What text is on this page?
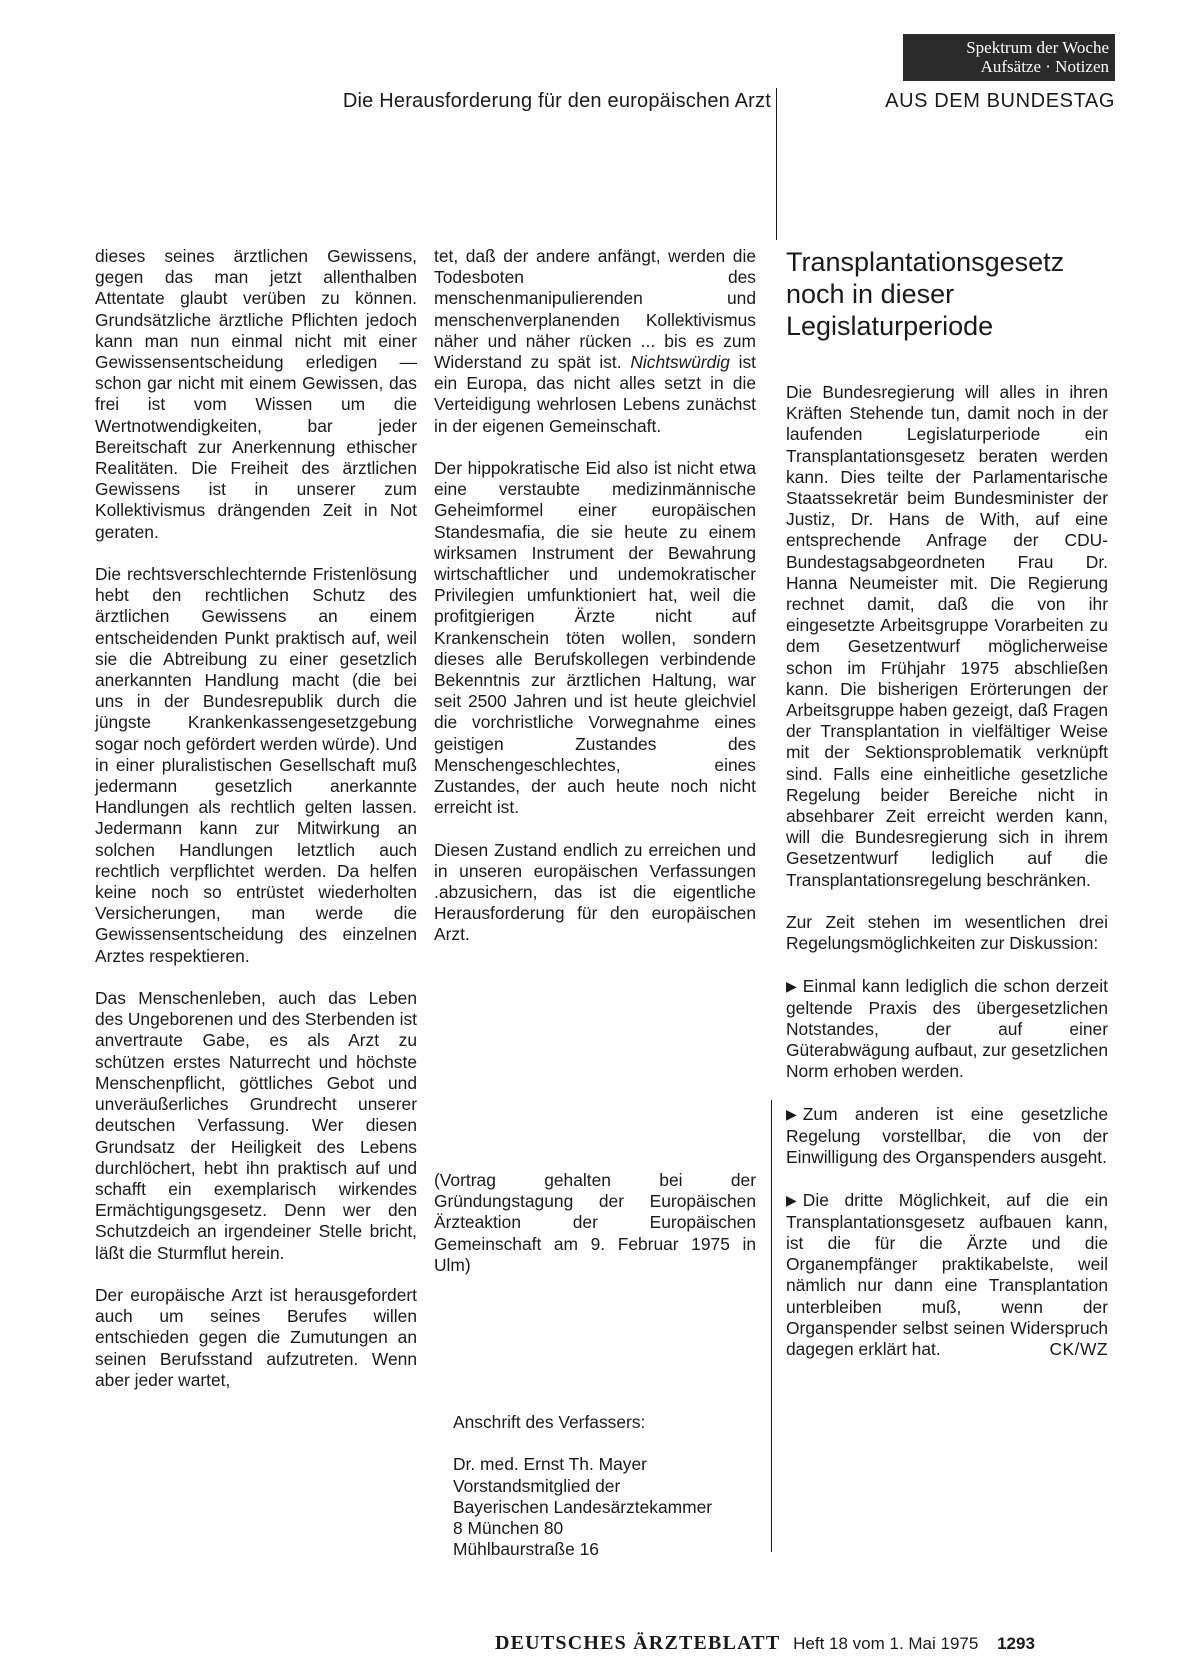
Spektrum der Woche
Aufsätze · Notizen
Die Herausforderung für den europäischen Arzt	AUS DEM BUNDESTAG

dieses seines ärztlichen Gewissens, gegen das man jetzt allenthalben Attentate glaubt verüben zu können. Grundsätzliche ärztliche Pflichten jedoch kann man nun einmal nicht mit einer Gewissensentscheidung erledigen — schon gar nicht mit einem Gewissen, das frei ist vom Wissen um die Wertnotwendigkeiten, bar jeder Bereitschaft zur Anerkennung ethischer Realitäten. Die Freiheit des ärztlichen Gewissens ist in unserer zum Kollektivismus drängenden Zeit in Not geraten.

Die rechtsverschlechternde Fristenlösung hebt den rechtlichen Schutz des ärztlichen Gewissens an einem entscheidenden Punkt praktisch auf, weil sie die Abtreibung zu einer gesetzlich anerkannten Handlung macht (die bei uns in der Bundesrepublik durch die jüngste Krankenkassengesetzgebung sogar noch gefördert werden würde). Und in einer pluralistischen Gesellschaft muß jedermann gesetzlich anerkannte Handlungen als rechtlich gelten lassen. Jedermann kann zur Mitwirkung an solchen Handlungen letztlich auch rechtlich verpflichtet werden. Da helfen keine noch so entrüstet wiederholten Versicherungen, man werde die Gewissensentscheidung des einzelnen Arztes respektieren.

Das Menschenleben, auch das Leben des Ungeborenen und des Sterbenden ist anvertraute Gabe, es als Arzt zu schützen erstes Naturrecht und höchste Menschenpflicht, göttliches Gebot und unveräußerliches Grundrecht unserer deutschen Verfassung. Wer diesen Grundsatz der Heiligkeit des Lebens durchlöchert, hebt ihn praktisch auf und schafft ein exemplarisch wirkendes Ermächtigungsgesetz. Denn wer den Schutzdeich an irgendeiner Stelle bricht, läßt die Sturmflut herein.

Der europäische Arzt ist herausgefordert auch um seines Berufes willen entschieden gegen die Zumutungen an seinen Berufsstand aufzutreten. Wenn aber jeder wartet,

tet, daß der andere anfängt, werden die Todesboten des menschenmanipulierenden und menschenverplanenden Kollektivismus näher und näher rücken ... bis es zum Widerstand zu spät ist. Nichtswürdig ist ein Europa, das nicht alles setzt in die Verteidigung wehrlosen Lebens zunächst in der eigenen Gemeinschaft.

Der hippokratische Eid also ist nicht etwa eine verstaubte medizinmännische Geheimformel einer europäischen Standesmafia, die sie heute zu einem wirksamen Instrument der Bewahrung wirtschaftlicher und undemokratischer Privilegien umfunktioniert hat, weil die profitgierigen Ärzte nicht auf Krankenschein töten wollen, sondern dieses alle Berufskollegen verbindende Bekenntnis zur ärztlichen Haltung, war seit 2500 Jahren und ist heute gleichviel die vorchristliche Vorwegnahme eines geistigen Zustandes des Menschengeschlechtes, eines Zustandes, der auch heute noch nicht erreicht ist.

Diesen Zustand endlich zu erreichen und in unseren europäischen Verfassungen .abzusichern, das ist die eigentliche Herausforderung für den europäischen Arzt.

(Vortrag gehalten bei der Gründungstagung der Europäischen Ärzteaktion der Europäischen Gemeinschaft am 9. Februar 1975 in Ulm)
Anschrift des Verfassers:
Dr. med. Ernst Th. Mayer
Vorstandsmitglied der
Bayerischen Landesärztekammer
8 München 80
Mühlbaurstraße 16
Transplantationsgesetz
noch in dieser
Legislaturperiode

Die Bundesregierung will alles in ihren Kräften Stehende tun, damit noch in der laufenden Legislaturperiode ein Transplantationsgesetz beraten werden kann. Dies teilte der Parlamentarische Staatssekretär beim Bundesminister der Justiz, Dr. Hans de With, auf eine entsprechende Anfrage der CDU-Bundestagsabgeordneten Frau Dr. Hanna Neumeister mit. Die Regierung rechnet damit, daß die von ihr eingesetzte Arbeitsgruppe Vorarbeiten zu dem Gesetzentwurf möglicherweise schon im Frühjahr 1975 abschließen kann. Die bisherigen Erörterungen der Arbeitsgruppe haben gezeigt, daß Fragen der Transplantation in vielfältiger Weise mit der Sektionsproblematik verknüpft sind. Falls eine einheitliche gesetzliche Regelung beider Bereiche nicht in absehbarer Zeit erreicht werden kann, will die Bundesregierung sich in ihrem Gesetzentwurf lediglich auf die Transplantationsregelung beschränken.

Zur Zeit stehen im wesentlichen drei Regelungsmöglichkeiten zur Diskussion:

▶ Einmal kann lediglich die schon derzeit geltende Praxis des übergesetzlichen Notstandes, der auf einer Güterabwägung aufbaut, zur gesetzlichen Norm erhoben werden.

▶ Zum anderen ist eine gesetzliche Regelung vorstellbar, die von der Einwilligung des Organspenders ausgeht.

▶ Die dritte Möglichkeit, auf die ein Transplantationsgesetz aufbauen kann, ist die für die Ärzte und die Organempfänger praktikabelste, weil nämlich nur dann eine Transplantation unterbleiben muß, wenn der Organspender selbst seinen Widerspruch dagegen erklärt hat.	CK/WZ

DEUTSCHES ÄRZTEBLATT Heft 18 vom 1. Mai 1975 1293
